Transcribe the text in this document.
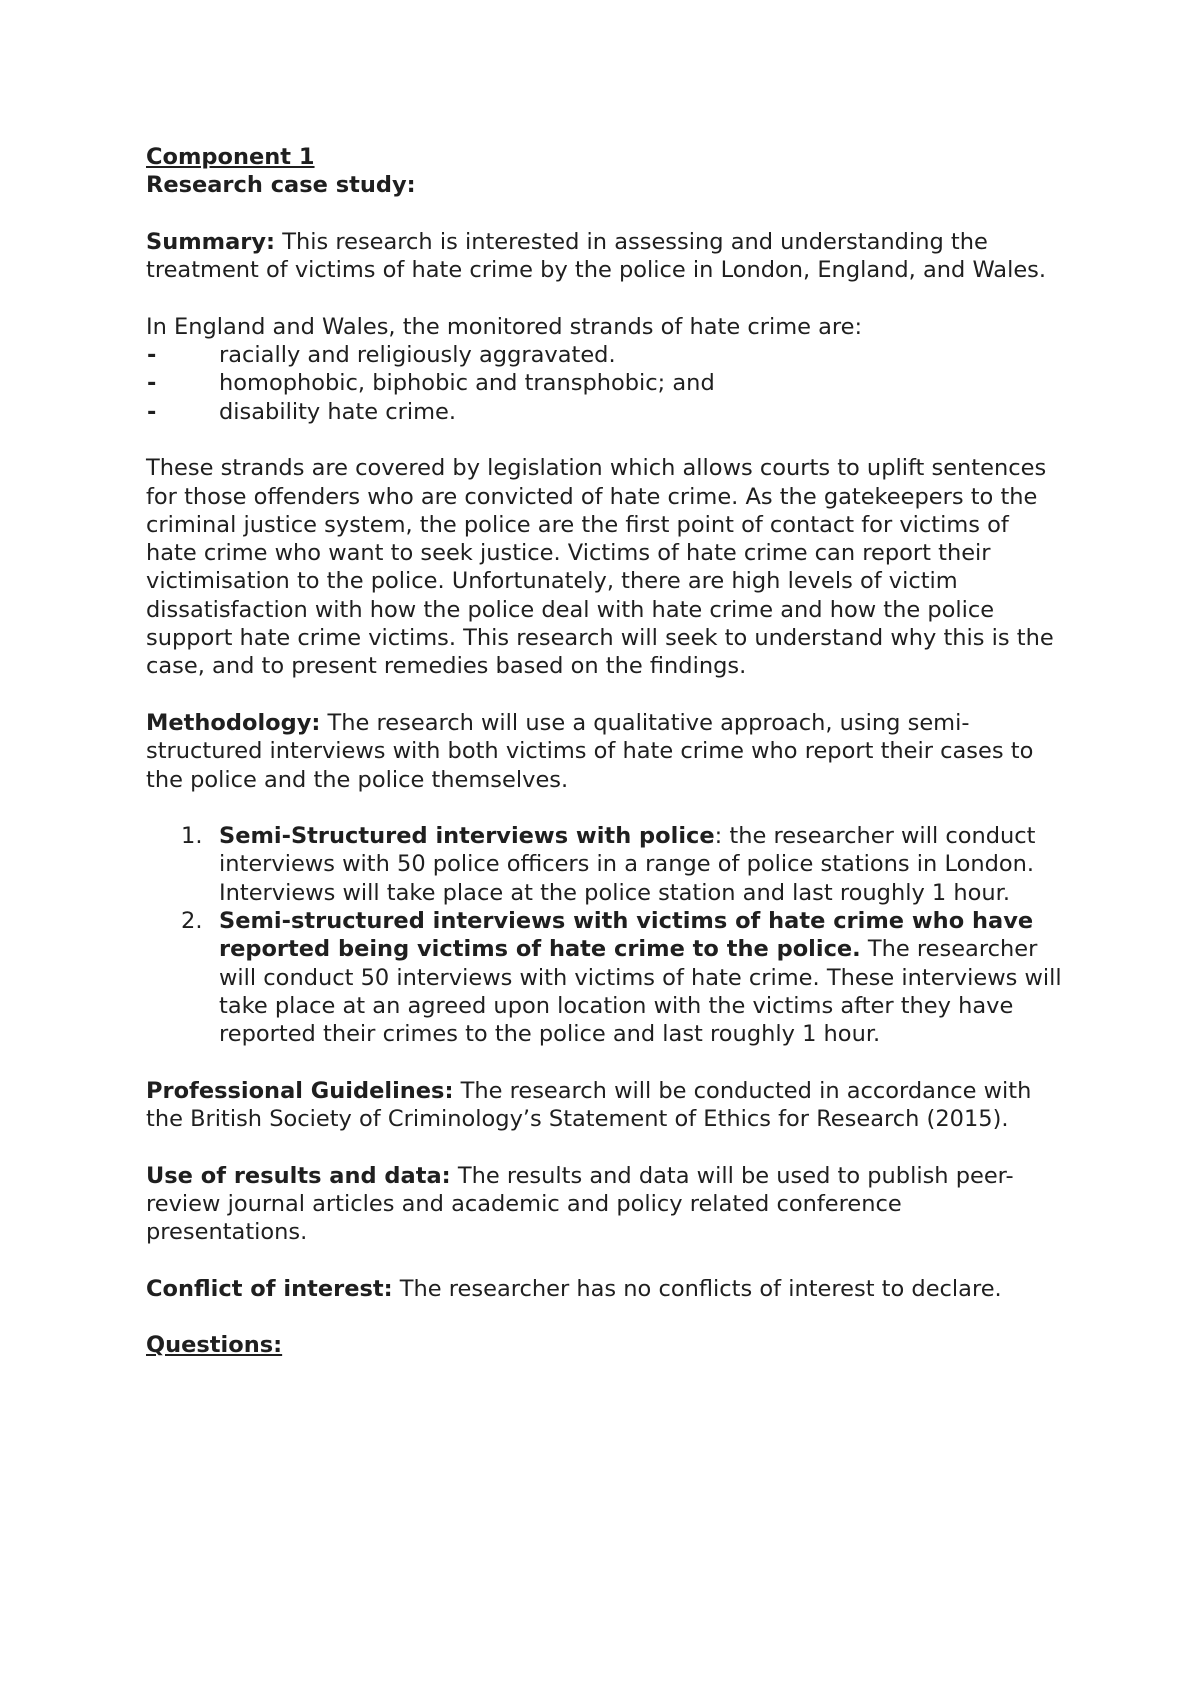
Component 1
Research case study:

Summary: This research is interested in assessing and understanding the treatment of victims of hate crime by the police in London, England, and Wales.

In England and Wales, the monitored strands of hate crime are:

-	racially and religiously aggravated.
-	homophobic, biphobic and transphobic; and
-	disability hate crime.

These strands are covered by legislation which allows courts to uplift sentences for those offenders who are convicted of hate crime. As the gatekeepers to the criminal justice system, the police are the first point of contact for victims of hate crime who want to seek justice. Victims of hate crime can report their victimisation to the police. Unfortunately, there are high levels of victim dissatisfaction with how the police deal with hate crime and how the police support hate crime victims. This research will seek to understand why this is the case, and to present remedies based on the findings.

Methodology: The research will use a qualitative approach, using semi-structured interviews with both victims of hate crime who report their cases to the police and the police themselves.

1. Semi-Structured interviews with police: the researcher will conduct interviews with 50 police officers in a range of police stations in London. Interviews will take place at the police station and last roughly 1 hour.
2. Semi-structured interviews with victims of hate crime who have reported being victims of hate crime to the police. The researcher will conduct 50 interviews with victims of hate crime. These interviews will take place at an agreed upon location with the victims after they have reported their crimes to the police and last roughly 1 hour.

Professional Guidelines: The research will be conducted in accordance with the British Society of Criminology’s Statement of Ethics for Research (2015).

Use of results and data: The results and data will be used to publish peer-review journal articles and academic and policy related conference presentations.

Conflict of interest: The researcher has no conflicts of interest to declare.

Questions:
